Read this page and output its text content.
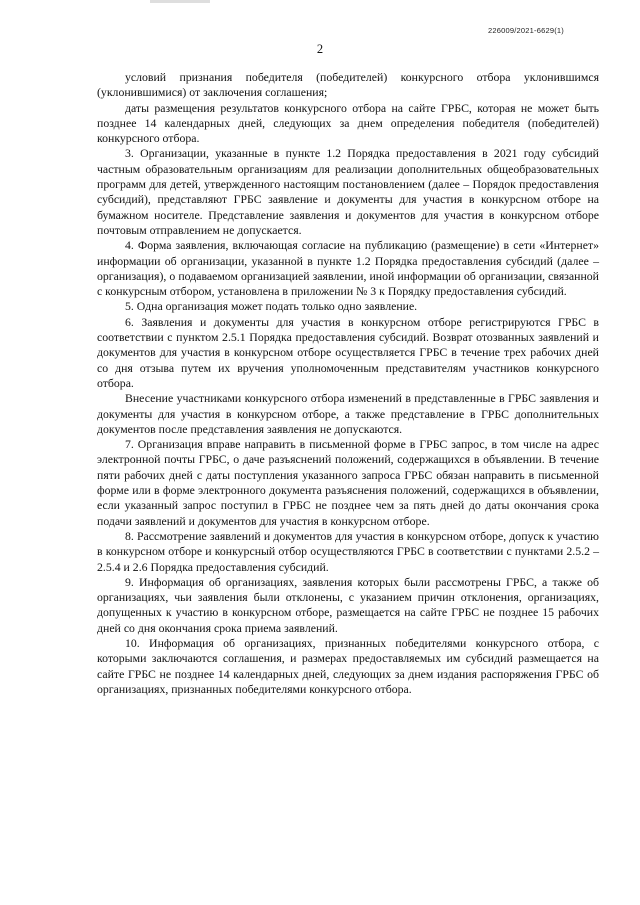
226009/2021-6629(1)
2

условий признания победителя (победителей) конкурсного отбора уклонившимся (уклонившимися) от заключения соглашения;

даты размещения результатов конкурсного отбора на сайте ГРБС, которая не может быть позднее 14 календарных дней, следующих за днем определения победителя (победителей) конкурсного отбора.

3. Организации, указанные в пункте 1.2 Порядка предоставления в 2021 году субсидий частным образовательным организациям для реализации дополнительных общеобразовательных программ для детей, утвержденного настоящим постановлением (далее – Порядок предоставления субсидий), представляют ГРБС заявление и документы для участия в конкурсном отборе на бумажном носителе. Представление заявления и документов для участия в конкурсном отборе почтовым отправлением не допускается.

4. Форма заявления, включающая согласие на публикацию (размещение) в сети «Интернет» информации об организации, указанной в пункте 1.2 Порядка предоставления субсидий (далее – организация), о подаваемом организацией заявлении, иной информации об организации, связанной с конкурсным отбором, установлена в приложении № 3 к Порядку предоставления субсидий.

5. Одна организация может подать только одно заявление.

6. Заявления и документы для участия в конкурсном отборе регистрируются ГРБС в соответствии с пунктом 2.5.1 Порядка предоставления субсидий. Возврат отозванных заявлений и документов для участия в конкурсном отборе осуществляется ГРБС в течение трех рабочих дней со дня отзыва путем их вручения уполномоченным представителям участников конкурсного отбора.

Внесение участниками конкурсного отбора изменений в представленные в ГРБС заявления и документы для участия в конкурсном отборе, а также представление в ГРБС дополнительных документов после представления заявления не допускаются.

7. Организация вправе направить в письменной форме в ГРБС запрос, в том числе на адрес электронной почты ГРБС, о даче разъяснений положений, содержащихся в объявлении. В течение пяти рабочих дней с даты поступления указанного запроса ГРБС обязан направить в письменной форме или в форме электронного документа разъяснения положений, содержащихся в объявлении, если указанный запрос поступил в ГРБС не позднее чем за пять дней до даты окончания срока подачи заявлений и документов для участия в конкурсном отборе.

8. Рассмотрение заявлений и документов для участия в конкурсном отборе, допуск к участию в конкурсном отборе и конкурсный отбор осуществляются ГРБС в соответствии с пунктами 2.5.2 – 2.5.4 и 2.6 Порядка предоставления субсидий.

9. Информация об организациях, заявления которых были рассмотрены ГРБС, а также об организациях, чьи заявления были отклонены, с указанием причин отклонения, организациях, допущенных к участию в конкурсном отборе, размещается на сайте ГРБС не позднее 15 рабочих дней со дня окончания срока приема заявлений.

10. Информация об организациях, признанных победителями конкурсного отбора, с которыми заключаются соглашения, и размерах предоставляемых им субсидий размещается на сайте ГРБС не позднее 14 календарных дней, следующих за днем издания распоряжения ГРБС об организациях, признанных победителями конкурсного отбора.
